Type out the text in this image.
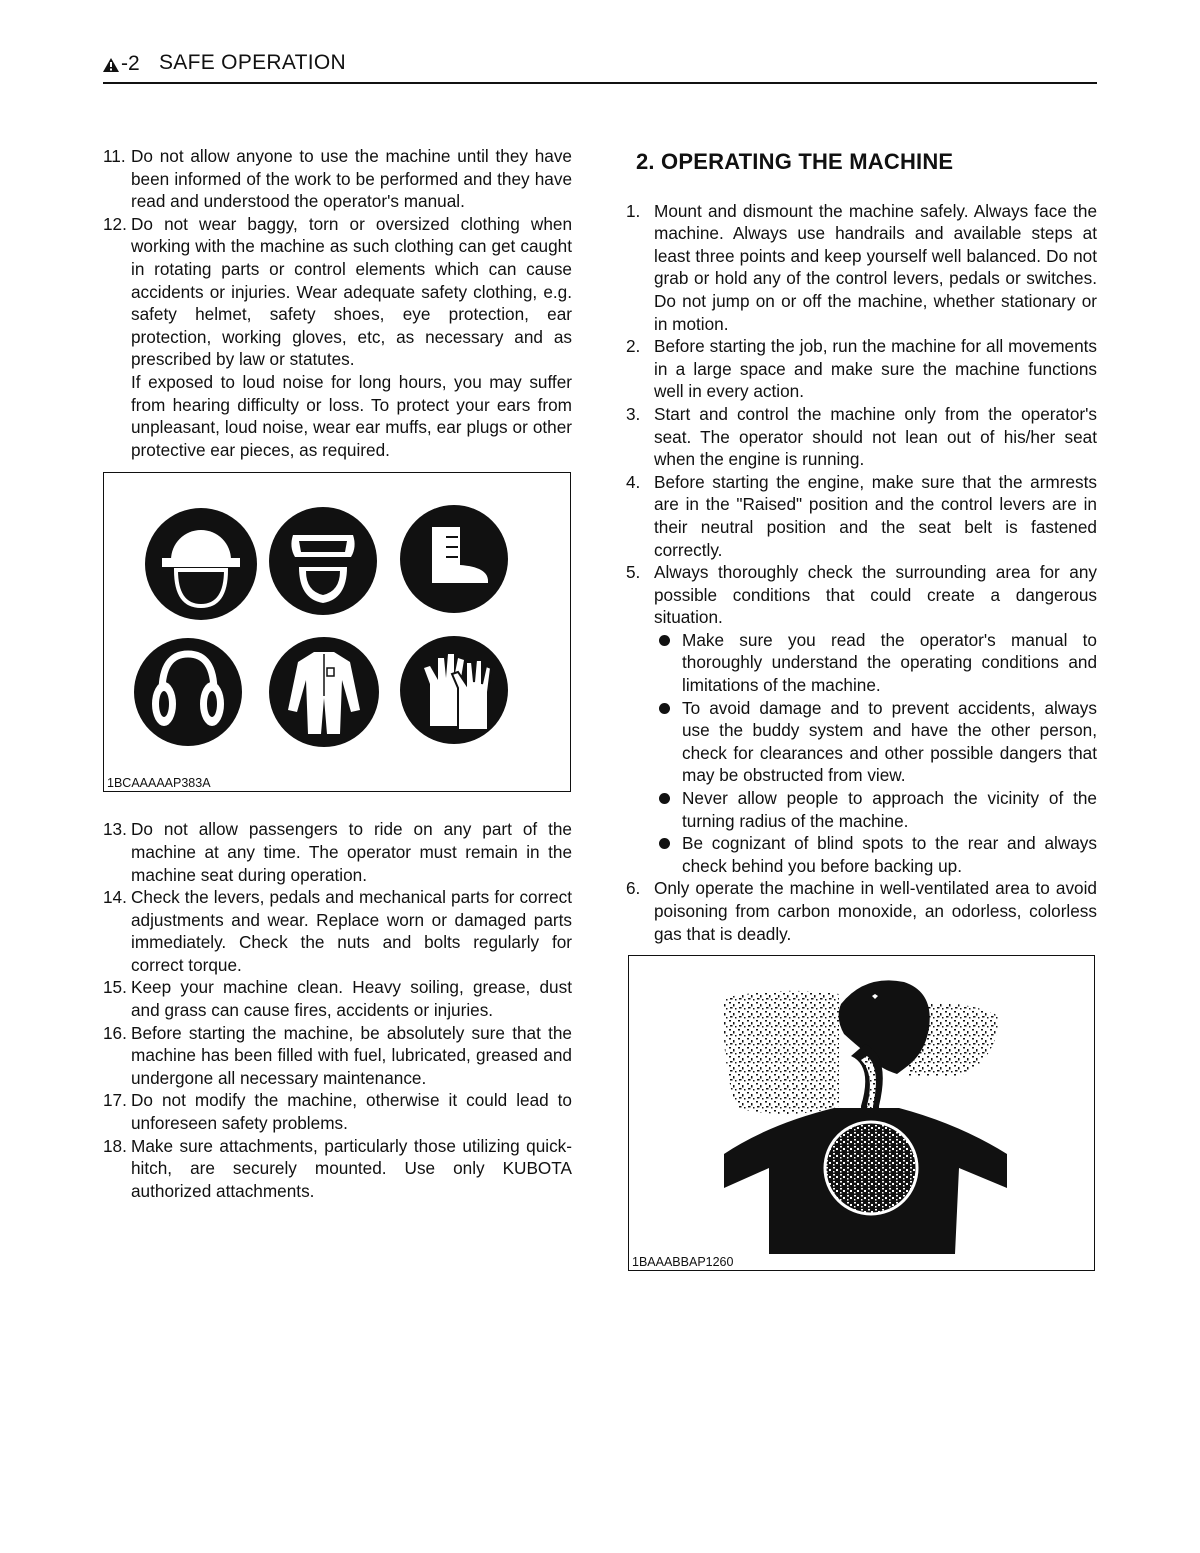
-2 SAFE OPERATION
11. Do not allow anyone to use the machine until they have been informed of the work to be performed and they have read and understood the operator's manual.
12. Do not wear baggy, torn or oversized clothing when working with the machine as such clothing can get caught in rotating parts or control elements which can cause accidents or injuries. Wear adequate safety clothing, e.g. safety helmet, safety shoes, eye protection, ear protection, working gloves, etc, as necessary and as prescribed by law or statutes.

If exposed to loud noise for long hours, you may suffer from hearing difficulty or loss. To protect your ears from unpleasant, loud noise, wear ear muffs, ear plugs or other protective ear pieces, as required.

1BCAAAAAP383A
13. Do not allow passengers to ride on any part of the machine at any time. The operator must remain in the machine seat during operation.
14. Check the levers, pedals and mechanical parts for correct adjustments and wear. Replace worn or damaged parts immediately. Check the nuts and bolts regularly for correct torque.
15. Keep your machine clean. Heavy soiling, grease, dust and grass can cause fires, accidents or injuries.
16. Before starting the machine, be absolutely sure that the machine has been filled with fuel, lubricated, greased and undergone all necessary maintenance.
17. Do not modify the machine, otherwise it could lead to unforeseen safety problems.
18. Make sure attachments, particularly those utilizing quick-hitch, are securely mounted. Use only KUBOTA authorized attachments.
2. OPERATING THE MACHINE
1. Mount and dismount the machine safely. Always face the machine. Always use handrails and available steps at least three points and keep yourself well balanced. Do not grab or hold any of the control levers, pedals or switches. Do not jump on or off the machine, whether stationary or in motion.
2. Before starting the job, run the machine for all movements in a large space and make sure the machine functions well in every action.
3. Start and control the machine only from the operator's seat. The operator should not lean out of his/her seat when the engine is running.
4. Before starting the engine, make sure that the armrests are in the "Raised" position and the control levers are in their neutral position and the seat belt is fastened correctly.
5. Always thoroughly check the surrounding area for any possible conditions that could create a dangerous situation.
Make sure you read the operator's manual to thoroughly understand the operating conditions and limitations of the machine.
To avoid damage and to prevent accidents, always use the buddy system and have the other person, check for clearances and other possible dangers that may be obstructed from view.
Never allow people to approach the vicinity of the turning radius of the machine.
Be cognizant of blind spots to the rear and always check behind you before backing up.
6. Only operate the machine in well-ventilated area to avoid poisoning from carbon monoxide, an odorless, colorless gas that is deadly.
1BAAABBAP1260
